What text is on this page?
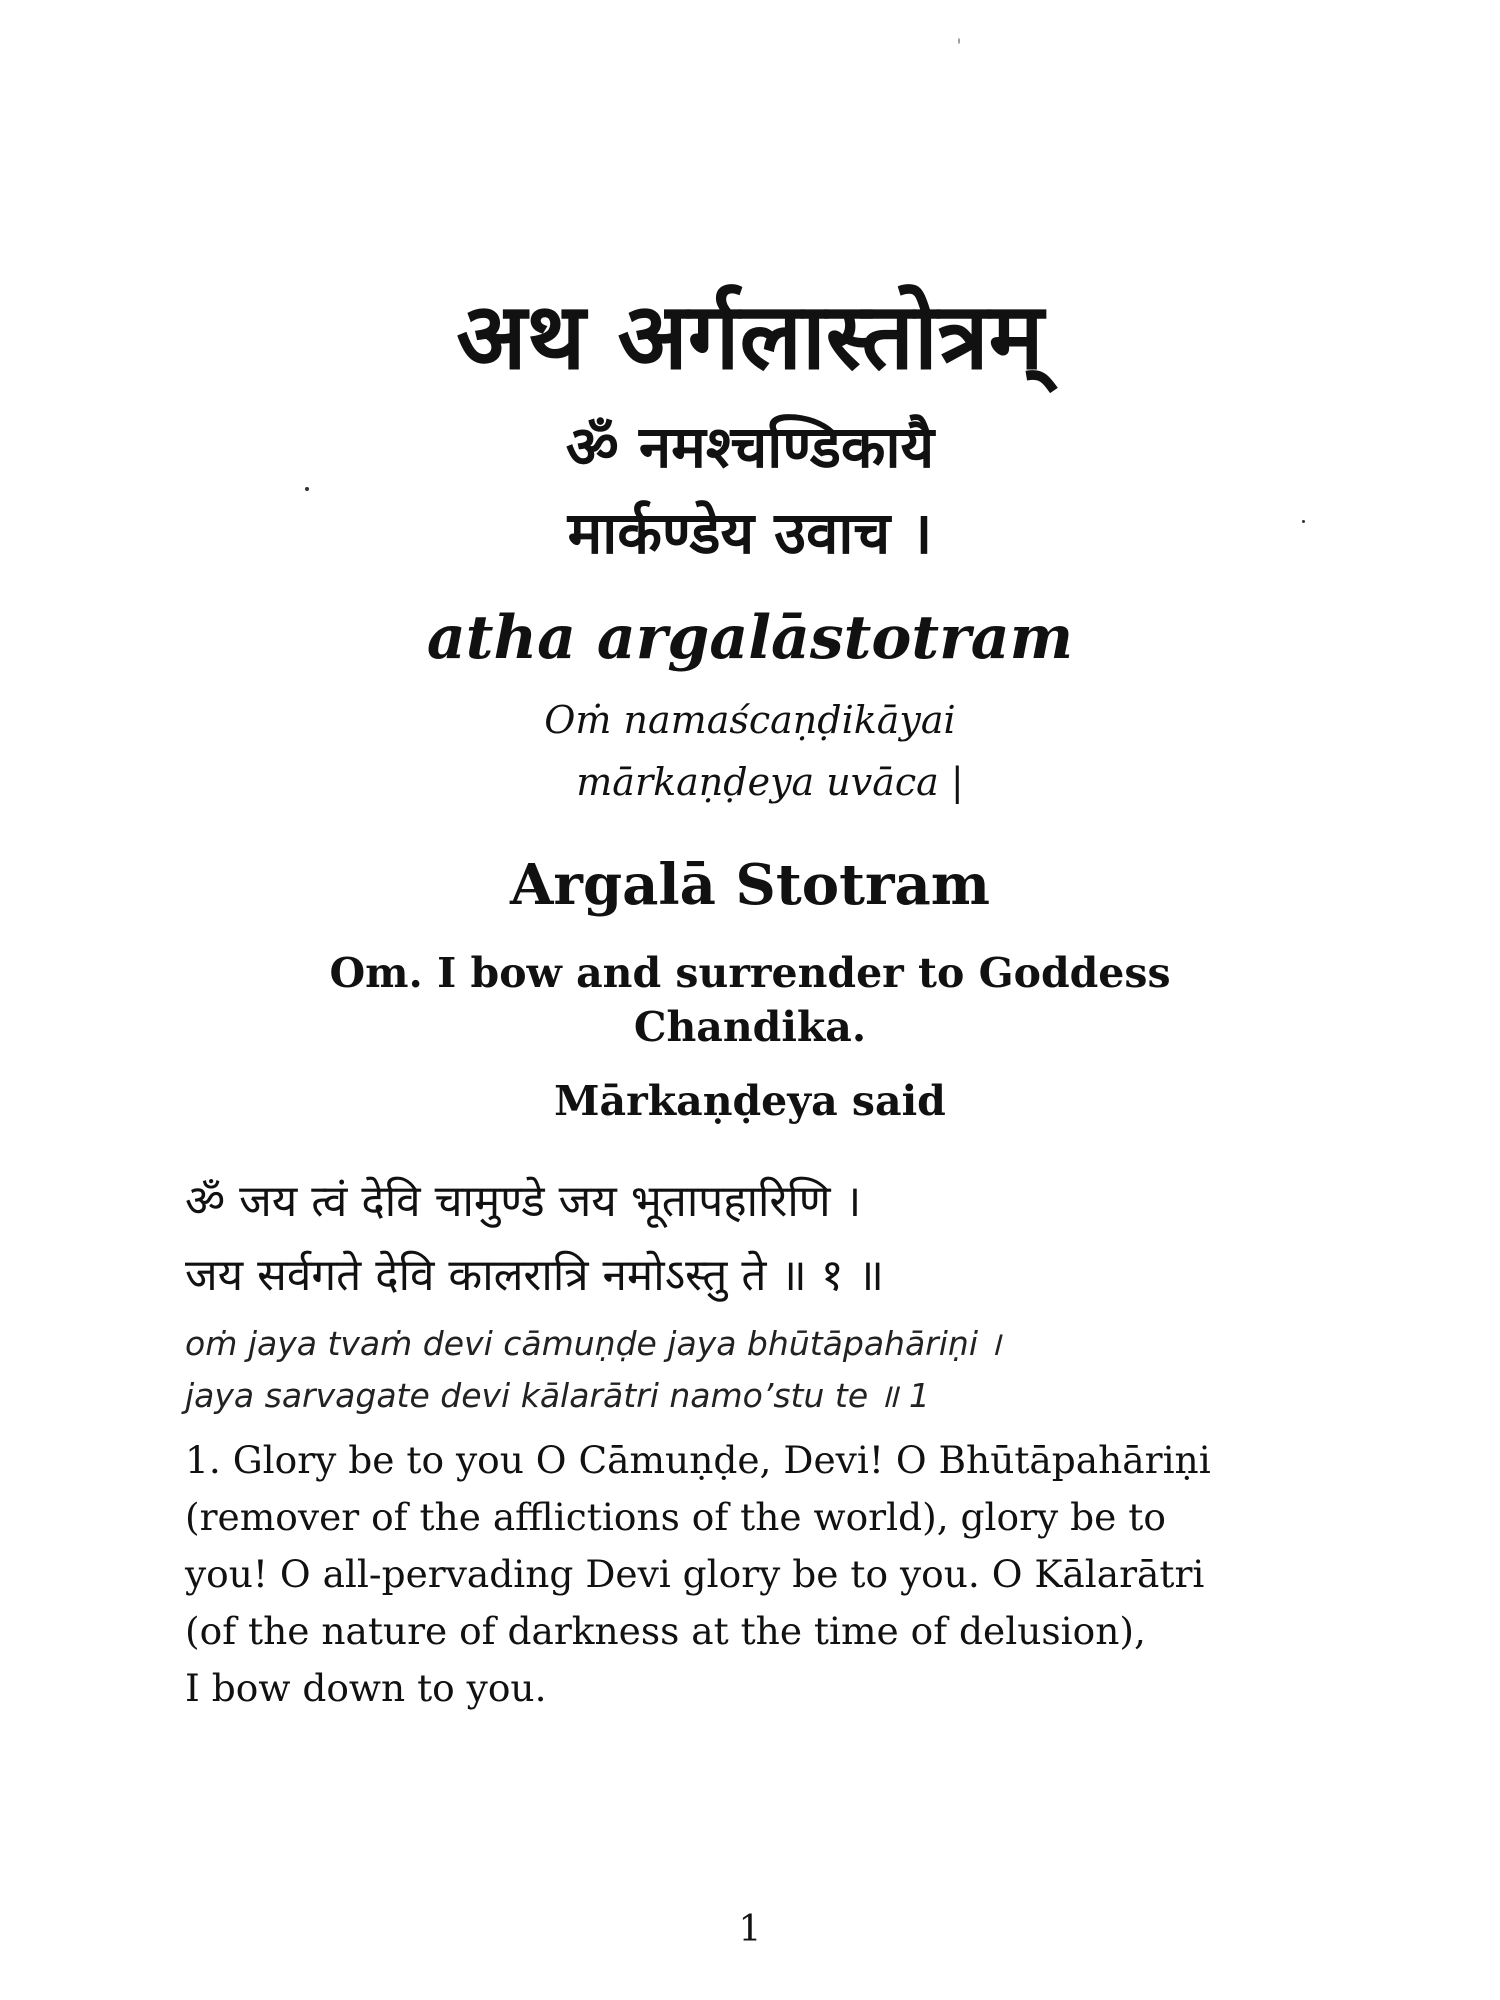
अथ अर्गलास्तोत्रम्
ॐ नमश्चण्डिकायै
मार्कण्डेय उवाच ।
atha argalāstotram
Oṁ namaścaṇḍikāyai
mārkaṇḍeya uvāca |
Argalā Stotram
Om. I bow and surrender to Goddess
Chandika.
Mārkaṇḍeya said
ॐ जय त्वं देवि चामुण्डे जय भूतापहारिणि ।
जय सर्वगते देवि कालरात्रि नमोऽस्तु ते ॥ १ ॥
oṁ jaya tvaṁ devi cāmuṇḍe jaya bhūtāpahāriṇi ।
jaya sarvagate devi kālarātri namo’stu te ॥ 1
1. Glory be to you O Cāmuṇḍe, Devi! O Bhūtāpahāriṇi
(remover of the afflictions of the world), glory be to
you! O all-pervading Devi glory be to you. O Kālarātri
(of the nature of darkness at the time of delusion),
I bow down to you.
1
